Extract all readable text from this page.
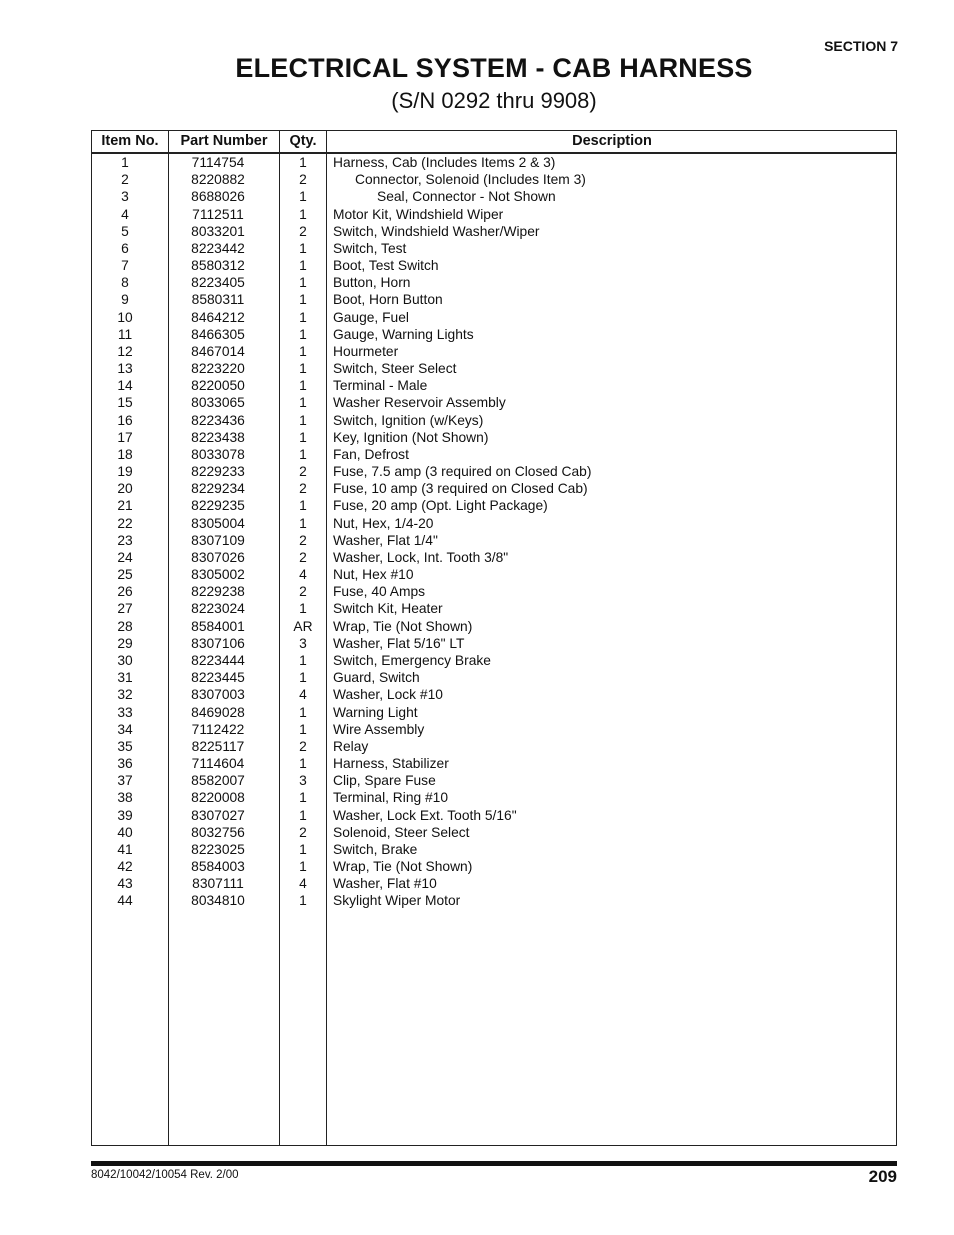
SECTION 7
ELECTRICAL SYSTEM - CAB HARNESS
(S/N 0292 thru 9908)
Item No.	Part Number	Qty.	Description
1	7114754	1	Harness, Cab (Includes Items 2 & 3)
2	8220882	2	Connector, Solenoid (Includes Item 3)
3	8688026	1	Seal, Connector - Not Shown
4	7112511	1	Motor Kit, Windshield Wiper
5	8033201	2	Switch, Windshield Washer/Wiper
6	8223442	1	Switch, Test
7	8580312	1	Boot, Test Switch
8	8223405	1	Button, Horn
9	8580311	1	Boot, Horn Button
10	8464212	1	Gauge, Fuel
11	8466305	1	Gauge, Warning Lights
12	8467014	1	Hourmeter
13	8223220	1	Switch, Steer Select
14	8220050	1	Terminal - Male
15	8033065	1	Washer Reservoir Assembly
16	8223436	1	Switch, Ignition (w/Keys)
17	8223438	1	Key, Ignition (Not Shown)
18	8033078	1	Fan, Defrost
19	8229233	2	Fuse, 7.5 amp (3 required on Closed Cab)
20	8229234	2	Fuse, 10 amp (3 required on Closed Cab)
21	8229235	1	Fuse, 20 amp (Opt. Light Package)
22	8305004	1	Nut, Hex, 1/4-20
23	8307109	2	Washer, Flat 1/4"
24	8307026	2	Washer, Lock, Int. Tooth 3/8"
25	8305002	4	Nut, Hex #10
26	8229238	2	Fuse, 40 Amps
27	8223024	1	Switch Kit, Heater
28	8584001	AR	Wrap, Tie (Not Shown)
29	8307106	3	Washer, Flat 5/16" LT
30	8223444	1	Switch, Emergency Brake
31	8223445	1	Guard, Switch
32	8307003	4	Washer, Lock #10
33	8469028	1	Warning Light
34	7112422	1	Wire Assembly
35	8225117	2	Relay
36	7114604	1	Harness, Stabilizer
37	8582007	3	Clip, Spare Fuse
38	8220008	1	Terminal, Ring #10
39	8307027	1	Washer, Lock Ext. Tooth 5/16"
40	8032756	2	Solenoid, Steer Select
41	8223025	1	Switch, Brake
42	8584003	1	Wrap, Tie (Not Shown)
43	8307111	4	Washer, Flat #10
44	8034810	1	Skylight Wiper Motor
8042/10042/10054 Rev. 2/00	209
